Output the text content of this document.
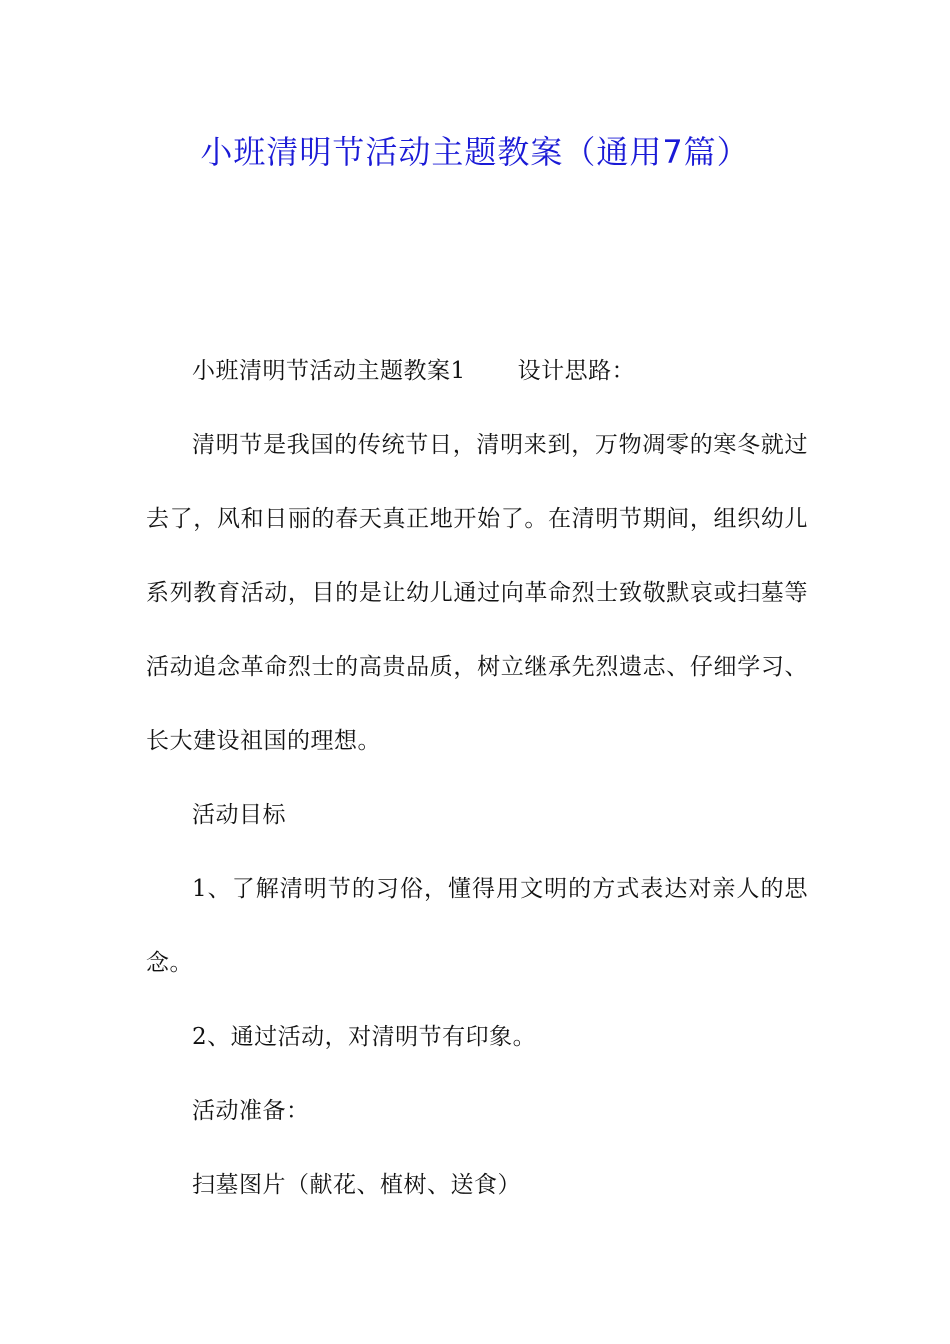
小班清明节活动主题教案（通用7篇）

小班清明节活动主题教案1 设计思路：

清明节是我国的传统节日，清明来到，万物凋零的寒冬就过去了，风和日丽的春天真正地开始了。在清明节期间，组织幼儿系列教育活动，目的是让幼儿通过向革命烈士致敬默哀或扫墓等活动追念革命烈士的高贵品质，树立继承先烈遗志、仔细学习、长大建设祖国的理想。

活动目标

1、了解清明节的习俗，懂得用文明的方式表达对亲人的思念。

2、通过活动，对清明节有印象。

活动准备：

扫墓图片（献花、植树、送食）
